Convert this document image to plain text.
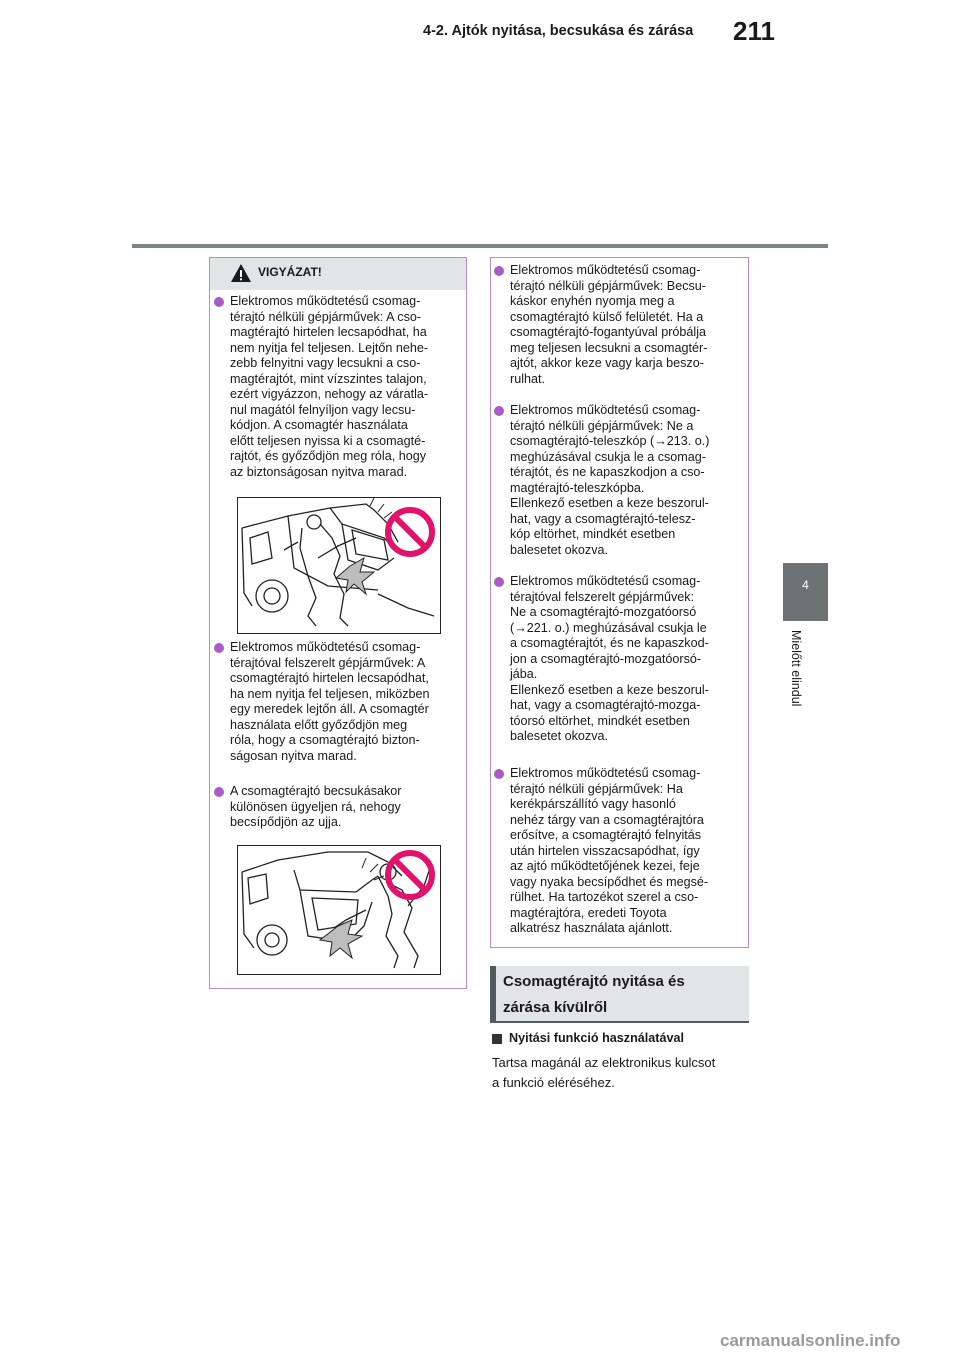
4-2. Ajtók nyitása, becsukása és zárása 211
4
Mielőtt elindul
VIGYÁZAT!
Elektromos működtetésű csomag-
térajtó nélküli gépjárművek: A cso-
magtérajtó hirtelen lecsapódhat, ha
nem nyitja fel teljesen. Lejtőn nehe-
zebb felnyitni vagy lecsukni a cso-
magtérajtót, mint vízszintes talajon,
ezért vigyázzon, nehogy az váratla-
nul magától felnyíljon vagy lecsu-
kódjon. A csomagtér használata
előtt teljesen nyissa ki a csomagté-
rajtót, és győződjön meg róla, hogy
az biztonságosan nyitva marad.
Elektromos működtetésű csomag-
térajtóval felszerelt gépjárművek: A
csomagtérajtó hirtelen lecsapódhat,
ha nem nyitja fel teljesen, miközben
egy meredek lejtőn áll. A csomagtér
használata előtt győződjön meg
róla, hogy a csomagtérajtó bizton-
ságosan nyitva marad.
A csomagtérajtó becsukásakor
különösen ügyeljen rá, nehogy
becsípődjön az ujja.
Elektromos működtetésű csomag-
térajtó nélküli gépjárművek: Becsu-
káskor enyhén nyomja meg a
csomagtérajtó külső felületét. Ha a
csomagtérajtó-fogantyúval próbálja
meg teljesen lecsukni a csomagtér-
ajtót, akkor keze vagy karja beszo-
rulhat.
Elektromos működtetésű csomag-
térajtó nélküli gépjárművek: Ne a
csomagtérajtó-teleszkóp (→213. o.)
meghúzásával csukja le a csomag-
térajtót, és ne kapaszkodjon a cso-
magtérajtó-teleszkópba.
Ellenkező esetben a keze beszorul-
hat, vagy a csomagtérajtó-telesz-
kóp eltörhet, mindkét esetben
balesetet okozva.
Elektromos működtetésű csomag-
térajtóval felszerelt gépjárművek:
Ne a csomagtérajtó-mozgatóorsó
(→221. o.) meghúzásával csukja le
a csomagtérajtót, és ne kapaszkod-
jon a csomagtérajtó-mozgatóorsó-
jába.
Ellenkező esetben a keze beszorul-
hat, vagy a csomagtérajtó-mozga-
tóorsó eltörhet, mindkét esetben
balesetet okozva.
Elektromos működtetésű csomag-
térajtó nélküli gépjárművek: Ha
kerékpárszállító vagy hasonló
nehéz tárgy van a csomagtérajtóra
erősítve, a csomagtérajtó felnyitás
után hirtelen visszacsapódhat, így
az ajtó működtetőjének kezei, feje
vagy nyaka becsípődhet és megsé-
rülhet. Ha tartozékot szerel a cso-
magtérajtóra, eredeti Toyota
alkatrész használata ajánlott.
Csomagtérajtó nyitása és
zárása kívülről
Nyitási funkció használatával
Tartsa magánál az elektronikus kulcsot
a funkció eléréséhez.
carmanualsonline.info
